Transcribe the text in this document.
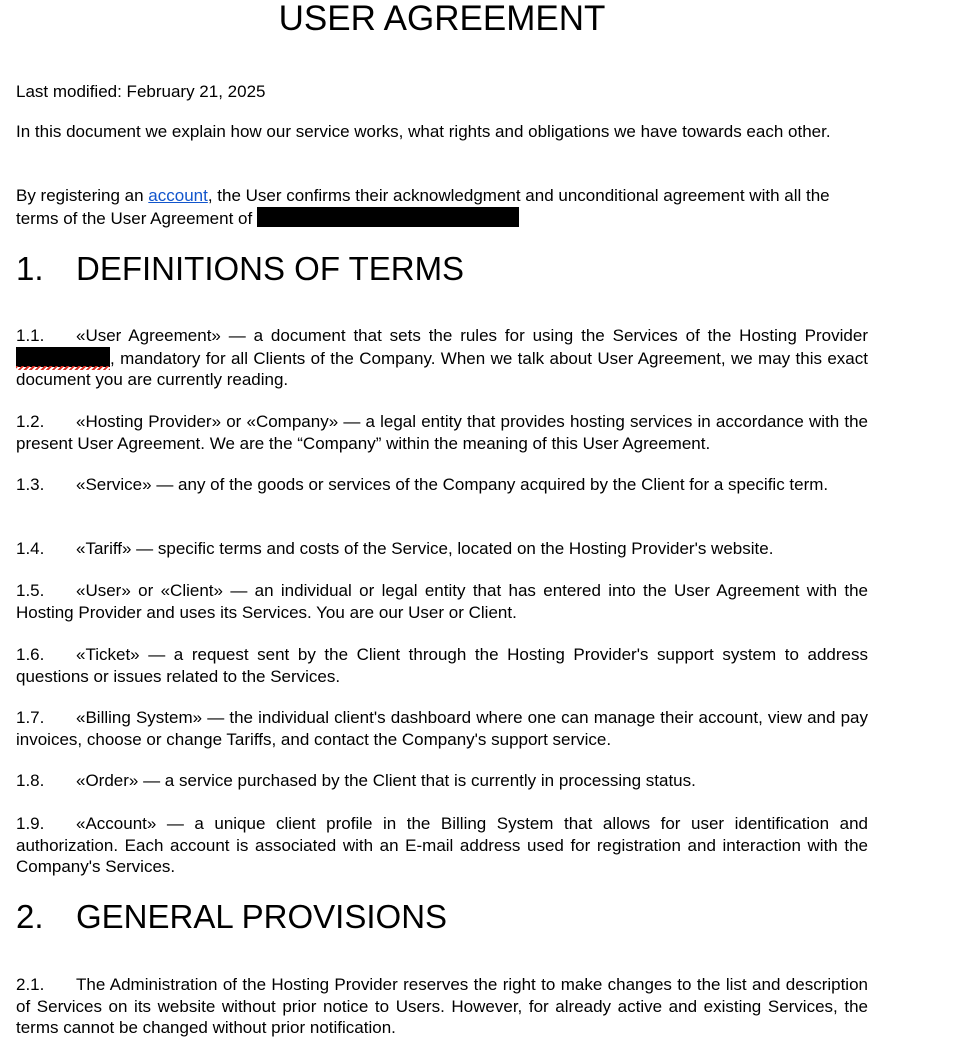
USER AGREEMENT

Last modified: February 21, 2025

In this document we explain how our service works, what rights and obligations we have towards each other.

By registering an account, the User confirms their acknowledgment and unconditional agreement with all the terms of the User Agreement of

1. DEFINITIONS OF TERMS

1.1. «User Agreement» — a document that sets the rules for using the Services of the Hosting Provider
, mandatory for all Clients of the Company. When we talk about User Agreement, we may this exact document you are currently reading.

1.2. «Hosting Provider» or «Company» — a legal entity that provides hosting services in accordance with the present User Agreement. We are the “Company” within the meaning of this User Agreement.

1.3. «Service» — any of the goods or services of the Company acquired by the Client for a specific term.

1.4. «Tariff» — specific terms and costs of the Service, located on the Hosting Provider's website.

1.5. «User» or «Client» — an individual or legal entity that has entered into the User Agreement with the Hosting Provider and uses its Services. You are our User or Client.

1.6. «Ticket» — a request sent by the Client through the Hosting Provider's support system to address questions or issues related to the Services.

1.7. «Billing System» — the individual client's dashboard where one can manage their account, view and pay invoices, choose or change Tariffs, and contact the Company's support service.

1.8. «Order» — a service purchased by the Client that is currently in processing status.

1.9. «Account» — a unique client profile in the Billing System that allows for user identification and authorization. Each account is associated with an E-mail address used for registration and interaction with the Company's Services.

2. GENERAL PROVISIONS

2.1. The Administration of the Hosting Provider reserves the right to make changes to the list and description of Services on its website without prior notice to Users. However, for already active and existing Services, the terms cannot be changed without prior notification.
